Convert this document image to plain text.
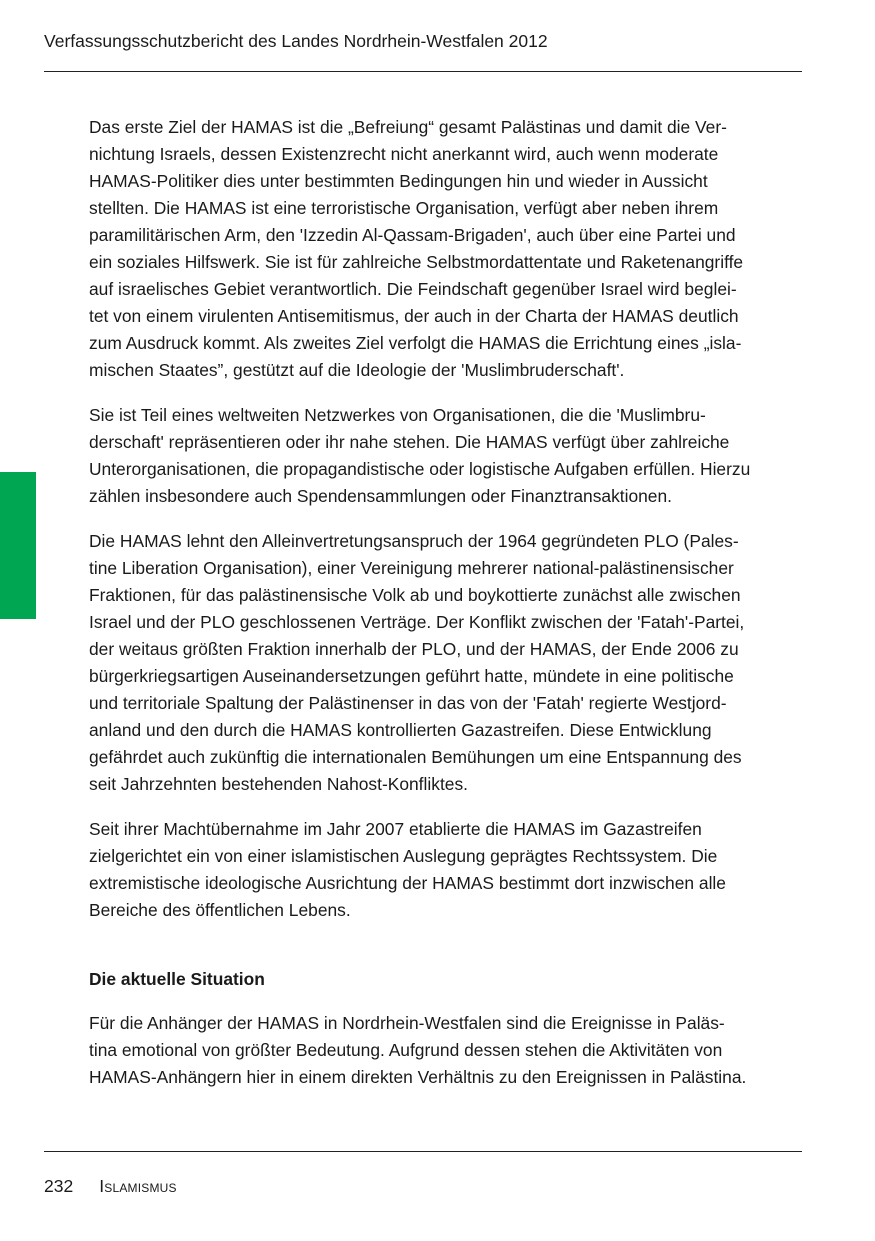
Verfassungsschutzbericht des Landes Nordrhein-Westfalen 2012

Das erste Ziel der HAMAS ist die „Befreiung“ gesamt Palästinas und damit die Ver-
nichtung Israels, dessen Existenzrecht nicht anerkannt wird, auch wenn moderate
HAMAS-Politiker dies unter bestimmten Bedingungen hin und wieder in Aussicht
stellten. Die HAMAS ist eine terroristische Organisation, verfügt aber neben ihrem
paramilitärischen Arm, den 'Izzedin Al-Qassam-Brigaden', auch über eine Partei und
ein soziales Hilfswerk. Sie ist für zahlreiche Selbstmordattentate und Raketenangriffe
auf israelisches Gebiet verantwortlich. Die Feindschaft gegenüber Israel wird beglei-
tet von einem virulenten Antisemitismus, der auch in der Charta der HAMAS deutlich
zum Ausdruck kommt. Als zweites Ziel verfolgt die HAMAS die Errichtung eines „isla-
mischen Staates”, gestützt auf die Ideologie der 'Muslimbruderschaft'.

Sie ist Teil eines weltweiten Netzwerkes von Organisationen, die die 'Muslimbru-
derschaft' repräsentieren oder ihr nahe stehen. Die HAMAS verfügt über zahlreiche
Unterorganisationen, die propagandistische oder logistische Aufgaben erfüllen. Hierzu
zählen insbesondere auch Spendensammlungen oder Finanztransaktionen.

Die HAMAS lehnt den Alleinvertretungsanspruch der 1964 gegründeten PLO (Pales-
tine Liberation Organisation), einer Vereinigung mehrerer national-palästinensischer
Fraktionen, für das palästinensische Volk ab und boykottierte zunächst alle zwischen
Israel und der PLO geschlossenen Verträge. Der Konflikt zwischen der 'Fatah'-Partei,
der weitaus größten Fraktion innerhalb der PLO, und der HAMAS, der Ende 2006 zu
bürgerkriegsartigen Auseinandersetzungen geführt hatte, mündete in eine politische
und territoriale Spaltung der Palästinenser in das von der 'Fatah' regierte Westjord-
anland und den durch die HAMAS kontrollierten Gazastreifen. Diese Entwicklung
gefährdet auch zukünftig die internationalen Bemühungen um eine Entspannung des
seit Jahrzehnten bestehenden Nahost-Konfliktes.

Seit ihrer Machtübernahme im Jahr 2007 etablierte die HAMAS im Gazastreifen
zielgerichtet ein von einer islamistischen Auslegung geprägtes Rechtssystem. Die
extremistische ideologische Ausrichtung der HAMAS bestimmt dort inzwischen alle
Bereiche des öffentlichen Lebens.

Die aktuelle Situation

Für die Anhänger der HAMAS in Nordrhein-Westfalen sind die Ereignisse in Paläs-
tina emotional von größter Bedeutung. Aufgrund dessen stehen die Aktivitäten von
HAMAS-Anhängern hier in einem direkten Verhältnis zu den Ereignissen in Palästina.

232 Islamismus
